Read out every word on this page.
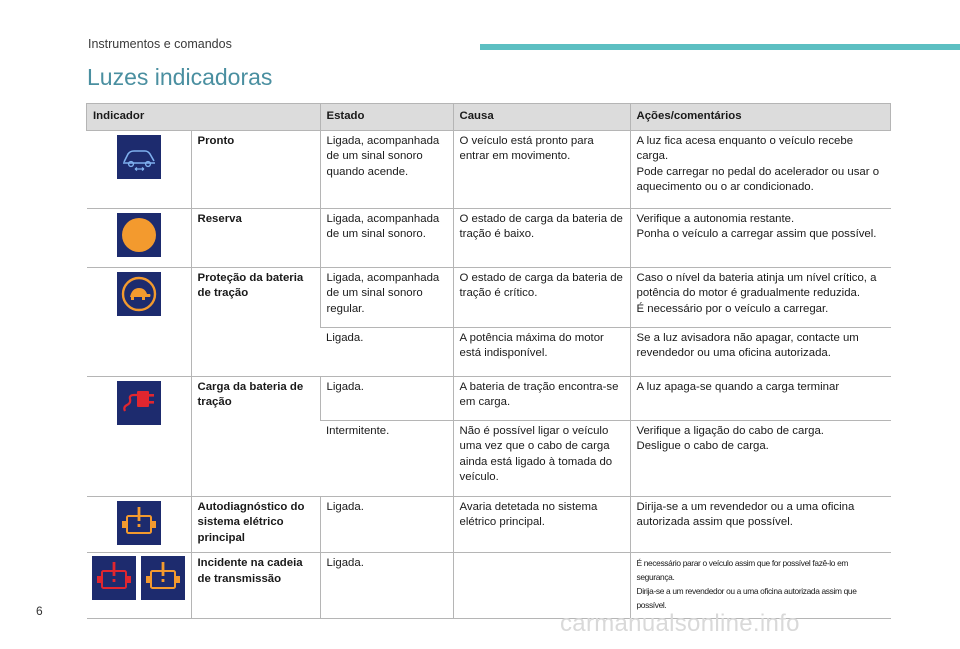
Instrumentos e comandos
Luzes indicadoras
Indicador		Estado	Causa	Ações/comentários

	Pronto	Ligada, acompanhada de um sinal sonoro quando acende.	O veículo está pronto para entrar em movimento.	A luz fica acesa enquanto o veículo recebe carga.
Pode carregar no pedal do acelerador ou usar o aquecimento ou o ar condicionado.

	Reserva	Ligada, acompanhada de um sinal sonoro.	O estado de carga da bateria de tração é baixo.	Verifique a autonomia restante.
Ponha o veículo a carregar assim que possível.

	Proteção da bateria de tração	Ligada, acompanhada de um sinal sonoro regular.	O estado de carga da bateria de tração é crítico.	Caso o nível da bateria atinja um nível crítico, a potência do motor é gradualmente reduzida.
É necessário por o veículo a carregar.

		Ligada.	A potência máxima do motor está indisponível.	Se a luz avisadora não apagar, contacte um revendedor ou uma oficina autorizada.

	Carga da bateria de tração	Ligada.	A bateria de tração encontra-se em carga.	A luz apaga-se quando a carga terminar

		Intermitente.	Não é possível ligar o veículo uma vez que o cabo de carga ainda está ligado à tomada do veículo.	Verifique a ligação do cabo de carga.
Desligue o cabo de carga.

	Autodiagnóstico do sistema elétrico principal	Ligada.	Avaria detetada no sistema elétrico principal.	Dirija-se a um revendedor ou a uma oficina autorizada assim que possível.

	Incidente na cadeia de transmissão	Ligada.		É necessário parar o veículo assim que for possível fazê-lo em segurança.
Dirija-se a um revendedor ou a uma oficina autorizada assim que possível.
6	carmanualsonline.info
